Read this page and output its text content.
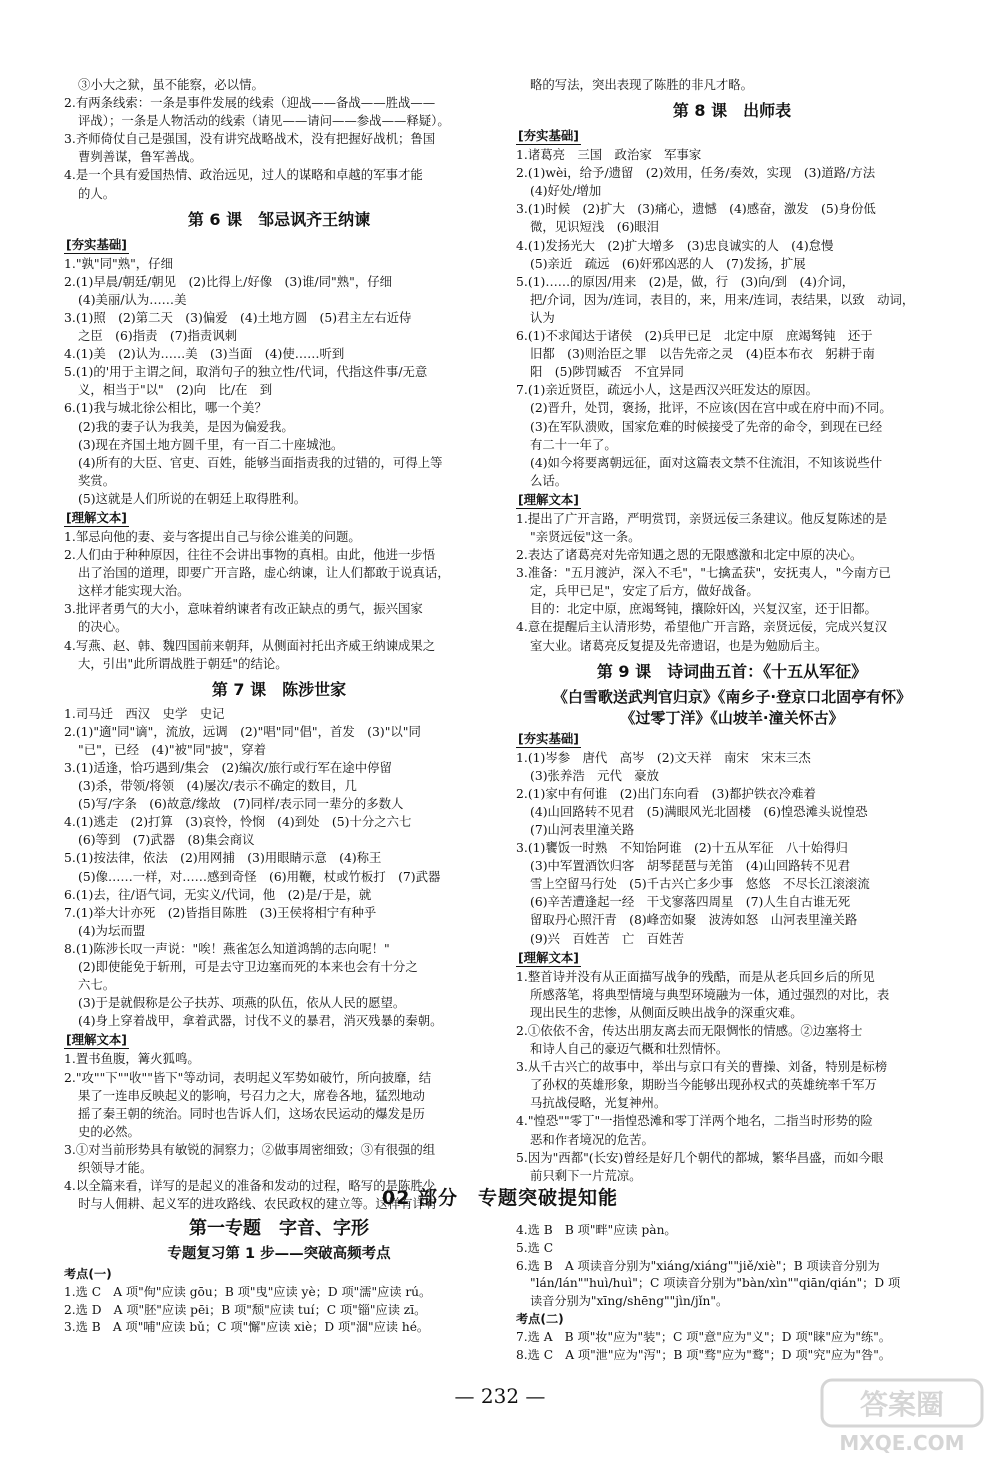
③小大之狱，虽不能察，必以情。
2.有两条线索：一条是事件发展的线索（迎战——备战——胜战——
评战）；一条是人物活动的线索（请见——请问——参战——释疑）。
3.齐师倚仗自己是强国，没有讲究战略战术，没有把握好战机；鲁国
曹刿善谋，鲁军善战。
4.是一个具有爱国热情、政治远见，过人的谋略和卓越的军事才能
的人。
第 6 课　邹忌讽齐王纳谏
[夯实基础]
1."孰"同"熟"，仔细
2.(1)早晨/朝廷/朝见　(2)比得上/好像　(3)谁/同"熟"，仔细
(4)美丽/认为……美
3.(1)照　(2)第二天　(3)偏爱　(4)土地方圆　(5)君主左右近侍
之臣　(6)指责　(7)指责讽刺
4.(1)美　(2)认为……美　(3)当面　(4)使……听到
5.(1)的'用于主谓之间，取消句子的独立性/代词，代指这件事/无意
义，相当于"以"　(2)向　比/在　到
6.(1)我与城北徐公相比，哪一个美？
(2)我的妻子认为我美，是因为偏爱我。
(3)现在齐国土地方圆千里，有一百二十座城池。
(4)所有的大臣、官吏、百姓，能够当面指责我的过错的，可得上等
奖赏。
(5)这就是人们所说的在朝廷上取得胜利。
[理解文本]
1.邹忌向他的妻、妾与客提出自己与徐公谁美的问题。
2.人们由于种种原因，往往不会讲出事物的真相。由此，他进一步悟
出了治国的道理，即要广开言路，虚心纳谏，让人们都敢于说真话，
这样才能实现大治。
3.批评者勇气的大小，意味着纳谏者有改正缺点的勇气，振兴国家
的决心。
4.写燕、赵、韩、魏四国前来朝拜，从侧面衬托出齐威王纳谏成果之
大，引出"此所谓战胜于朝廷"的结论。
第 7 课　陈涉世家
1.司马迁　西汉　史学　史记
2.(1)"適"同"谪"，流放，远调　(2)"唱"同"倡"，首发　(3)"以"同
"已"，已经　(4)"被"同"披"，穿着
3.(1)适逢，恰巧遇到/集会　(2)编次/旅行或行军在途中停留
(3)杀，带领/将领　(4)屡次/表示不确定的数目，几
(5)写/字条　(6)故意/缘故　(7)同样/表示同一辈分的多数人
4.(1)逃走　(2)打算　(3)哀怜，怜悯　(4)到处　(5)十分之六七
(6)等到　(7)武器　(8)集会商议
5.(1)按法律，依法　(2)用网捕　(3)用眼睛示意　(4)称王
(5)像……一样，对……感到奇怪　(6)用鞭，杖或竹板打　(7)武器
6.(1)去，往/语气词，无实义/代词，他　(2)是/于是，就
7.(1)举大计亦死　(2)皆指目陈胜　(3)王侯将相宁有种乎
(4)为坛而盟
8.(1)陈涉长叹一声说："唉！燕雀怎么知道鸿鹄的志向呢！"
(2)即使能免于斩刑，可是去守卫边塞而死的本来也会有十分之
六七。
(3)于是就假称是公子扶苏、项燕的队伍，依从人民的愿望。
(4)身上穿着战甲，拿着武器，讨伐不义的暴君，消灭残暴的秦朝。
[理解文本]
1.置书鱼腹，篝火狐鸣。
2."攻""下""收""皆下"等动词，表明起义军势如破竹，所向披靡，结
果了一连串反映起义的影响，号召力之大，席卷各地，猛烈地动
摇了秦王朝的统治。同时也告诉人们，这场农民运动的爆发是历
史的必然。
3.①对当前形势具有敏锐的洞察力；②做事周密细致；③有很强的组
织领导才能。
4.以全篇来看，详写的是起义的准备和发动的过程，略写的是陈胜少
时与人佣耕、起义军的进攻路线、农民政权的建立等。这样有详有
略的写法，突出表现了陈胜的非凡才略。
第 8 课　出师表
[夯实基础]
1.诸葛亮　三国　政治家　军事家
2.(1)wèi，给予/遗留　(2)效用，任务/奏效，实现　(3)道路/方法
(4)好处/增加
3.(1)时候　(2)扩大　(3)痛心，遗憾　(4)感奋，激发　(5)身份低
微，见识短浅　(6)眼泪
4.(1)发扬光大　(2)扩大增多　(3)忠良诚实的人　(4)怠慢
(5)亲近　疏远　(6)奸邪凶恶的人　(7)发扬，扩展
5.(1)……的原因/用来　(2)是，做，行　(3)向/到　(4)介词，
把/介词，因为/连词，表目的，来，用来/连词，表结果，以致　动词，
认为
6.(1)不求闻达于诸侯　(2)兵甲已足　北定中原　庶竭驽钝　还于
旧都　(3)则治臣之罪　以告先帝之灵　(4)臣本布衣　躬耕于南
阳　(5)陟罚臧否　不宜异同
7.(1)亲近贤臣，疏远小人，这是西汉兴旺发达的原因。
(2)晋升，处罚，褒扬，批评，不应该(因在宫中或在府中而)不同。
(3)在军队溃败，国家危难的时候接受了先帝的命令，到现在已经
有二十一年了。
(4)如今将要离朝远征，面对这篇表文禁不住流泪，不知该说些什
么话。
[理解文本]
1.提出了广开言路，严明赏罚，亲贤远佞三条建议。他反复陈述的是
"亲贤远佞"这一条。
2.表达了诸葛亮对先帝知遇之恩的无限感激和北定中原的决心。
3.准备："五月渡泸，深入不毛"，"七擒孟获"，安抚夷人，"今南方已
定，兵甲已足"，安定了后方，做好战备。
目的：北定中原，庶竭驽钝，攘除奸凶，兴复汉室，还于旧都。
4.意在提醒后主认清形势，希望他广开言路，亲贤远佞，完成兴复汉
室大业。诸葛亮反复提及先帝遗诏，也是为勉励后主。
第 9 课　诗词曲五首：《十五从军征》
《白雪歌送武判官归京》《南乡子·登京口北固亭有怀》
《过零丁洋》《山坡羊·潼关怀古》
[夯实基础]
1.(1)岑参　唐代　高岑　(2)文天祥　南宋　宋末三杰
(3)张养浩　元代　豪放
2.(1)家中有何谁　(2)出门东向看　(3)都护铁衣冷难着
(4)山回路转不见君　(5)满眼风光北固楼　(6)惶恐滩头说惶恐
(7)山河表里潼关路
3.(1)饔饭一时熟　不知饴阿谁　(2)十五从军征　八十始得归
(3)中军置酒饮归客　胡琴琵琶与羌笛　(4)山回路转不见君
雪上空留马行处　(5)千古兴亡多少事　悠悠　不尽长江滚滚流
(6)辛苦遭逢起一经　干戈寥落四周星　(7)人生自古谁无死
留取丹心照汗青　(8)峰峦如聚　波涛如怒　山河表里潼关路
(9)兴　百姓苦　亡　百姓苦
[理解文本]
1.整首诗并没有从正面描写战争的残酷，而是从老兵回乡后的所见
所感落笔，将典型情境与典型环境融为一体，通过强烈的对比，表
现出民生的悲惨，从侧面反映出战争的深重灾难。
2.①依依不舍，传达出朋友离去而无限惆怅的情感。②边塞将士
和诗人自己的豪迈气概和壮烈情怀。
3.从千古兴亡的故事中，举出与京口有关的曹操、刘备，特别是标榜
了孙权的英雄形象，期盼当今能够出现孙权式的英雄统率千军万
马抗战侵略，光复神州。
4."惶恐""零丁"一指惶恐滩和零丁洋两个地名，二指当时形势的险
恶和作者境况的危苦。
5.因为"西都"(长安)曾经是好几个朝代的都城，繁华昌盛，而如今眼
前只剩下一片荒凉。
02 部分　专题突破提知能
第一专题　字音、字形
专题复习第 1 步——突破高频考点
考点(一)
1.选 C　A 项"佝"应读 gōu；B 项"曳"应读 yè；D 项"濡"应读 rú。
2.选 D　A 项"胚"应读 pēi；B 项"颓"应读 tuí；C 项"锱"应读 zī。
3.选 B　A 项"哺"应读 bǔ；C 项"懈"应读 xiè；D 项"涸"应读 hé。
4.选 B　B 项"畔"应读 pàn。
5.选 C
6.选 B　A 项读音分别为"xiáng/xiáng""jiě/xiè"；B 项读音分别为
"lán/lán""huì/huì"；C 项读音分别为"bàn/xìn""qiān/qián"；D 项
读音分别为"xīng/shēng""jìn/jǐn"。
考点(二)
7.选 A　B 项"妆"应为"装"；C 项"意"应为"义"；D 项"睐"应为"练"。
8.选 C　A 项"泄"应为"泻"；B 项"骛"应为"鹜"；D 项"究"应为"咎"。
— 232 —	答案圈
MXQE.COM
